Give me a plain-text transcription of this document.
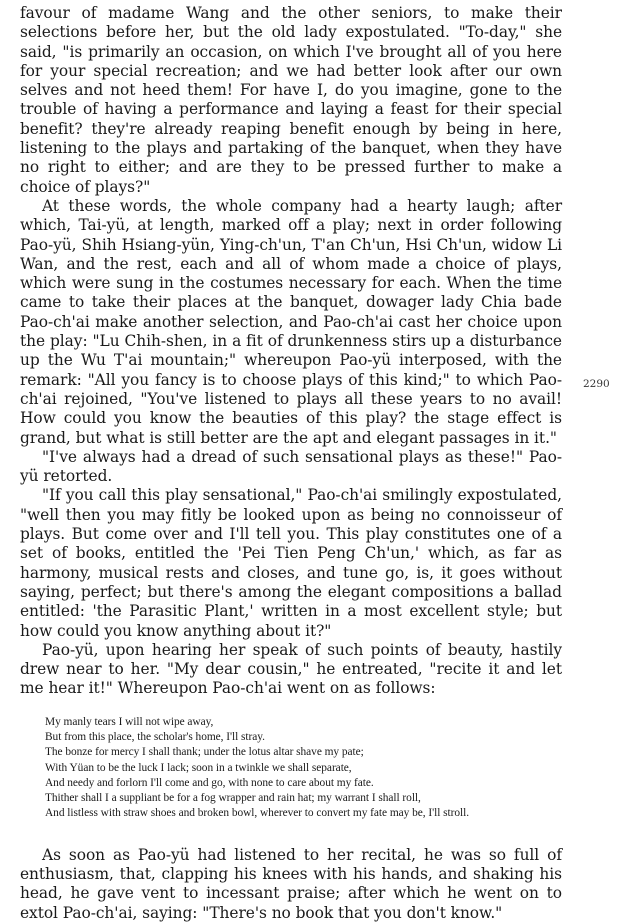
2290

favour of madame Wang and the other seniors, to make their selections before her, but the old lady expostulated. "To-day," she said, "is primarily an occasion, on which I've brought all of you here for your special recreation; and we had better look after our own selves and not heed them! For have I, do you imagine, gone to the trouble of having a performance and laying a feast for their special benefit? they're already reaping benefit enough by being in here, listening to the plays and partaking of the banquet, when they have no right to either; and are they to be pressed further to make a choice of plays?"

At these words, the whole company had a hearty laugh; after which, Tai-yü, at length, marked off a play; next in order following Pao-yü, Shih Hsiang-yün, Ying-ch'un, T'an Ch'un, Hsi Ch'un, widow Li Wan, and the rest, each and all of whom made a choice of plays, which were sung in the costumes necessary for each. When the time came to take their places at the banquet, dowager lady Chia bade Pao-ch'ai make another selection, and Pao-ch'ai cast her choice upon the play: "Lu Chih-shen, in a fit of drunkenness stirs up a disturbance up the Wu T'ai mountain;" whereupon Pao-yü interposed, with the remark: "All you fancy is to choose plays of this kind;" to which Pao-ch'ai rejoined, "You've listened to plays all these years to no avail! How could you know the beauties of this play? the stage effect is grand, but what is still better are the apt and elegant passages in it."

"I've always had a dread of such sensational plays as these!" Pao-yü retorted.

"If you call this play sensational," Pao-ch'ai smilingly expostulated, "well then you may fitly be looked upon as being no connoisseur of plays. But come over and I'll tell you. This play constitutes one of a set of books, entitled the 'Pei Tien Peng Ch'un,' which, as far as harmony, musical rests and closes, and tune go, is, it goes without saying, perfect; but there's among the elegant compositions a ballad entitled: 'the Parasitic Plant,' written in a most excellent style; but how could you know anything about it?"

Pao-yü, upon hearing her speak of such points of beauty, hastily drew near to her. "My dear cousin," he entreated, "recite it and let me hear it!" Whereupon Pao-ch'ai went on as follows:

My manly tears I will not wipe away,
But from this place, the scholar's home, I'll stray.
The bonze for mercy I shall thank; under the lotus altar shave my pate;
With Yüan to be the luck I lack; soon in a twinkle we shall separate,
And needy and forlorn I'll come and go, with none to care about my fate.
Thither shall I a suppliant be for a fog wrapper and rain hat; my warrant I shall roll,
And listless with straw shoes and broken bowl, wherever to convert my fate may be, I'll stroll.

As soon as Pao-yü had listened to her recital, he was so full of enthusiasm, that, clapping his knees with his hands, and shaking his head, he gave vent to incessant praise; after which he went on to extol Pao-ch'ai, saying: "There's no book that you don't know."
